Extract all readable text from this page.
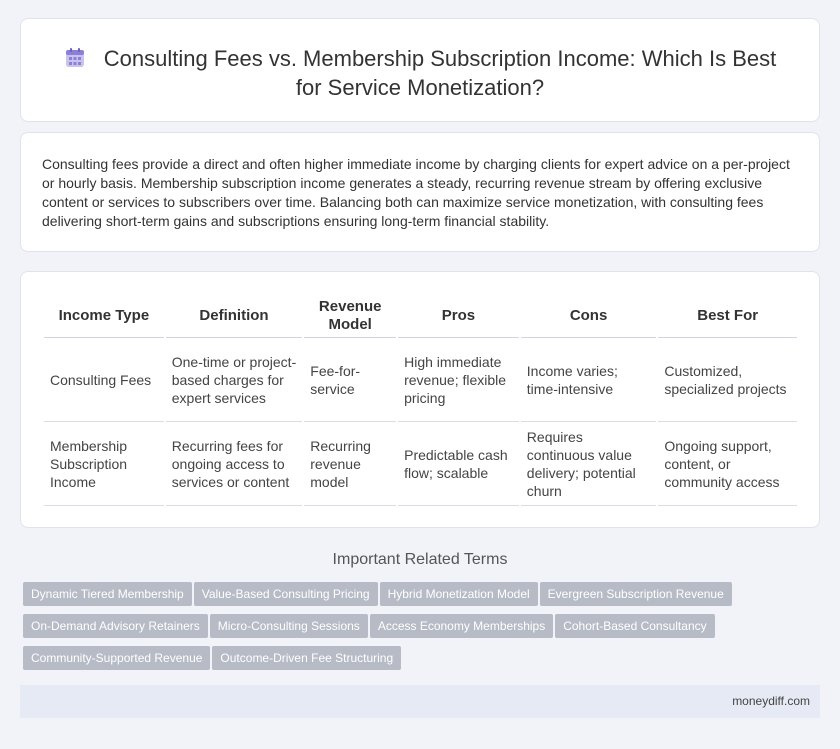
Consulting Fees vs. Membership Subscription Income: Which Is Best for Service Monetization?

Consulting fees provide a direct and often higher immediate income by charging clients for expert advice on a per-project or hourly basis. Membership subscription income generates a steady, recurring revenue stream by offering exclusive content or services to subscribers over time. Balancing both can maximize service monetization, with consulting fees delivering short-term gains and subscriptions ensuring long-term financial stability.

Income Type	Definition	Revenue Model	Pros	Cons	Best For
Consulting Fees	One-time or project-based charges for expert services	Fee-for-service	High immediate revenue; flexible pricing	Income varies; time-intensive	Customized, specialized projects
Membership Subscription Income	Recurring fees for ongoing access to services or content	Recurring revenue model	Predictable cash flow; scalable	Requires continuous value delivery; potential churn	Ongoing support, content, or community access
Important Related Terms
Dynamic Tiered Membership Value-Based Consulting Pricing Hybrid Monetization Model Evergreen Subscription Revenue
On-Demand Advisory Retainers Micro-Consulting Sessions Access Economy Memberships Cohort-Based Consultancy
Community-Supported Revenue Outcome-Driven Fee Structuring
moneydiff.com
